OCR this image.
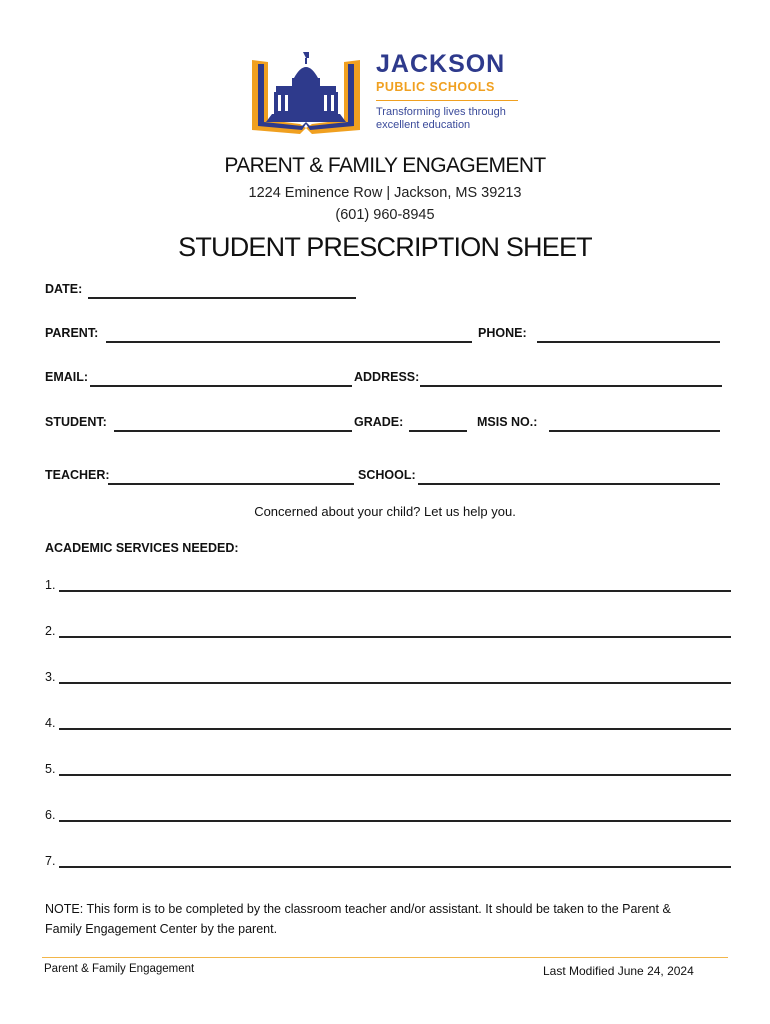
JACKSON
PUBLIC SCHOOLS
Transforming lives through
excellent education
PARENT & FAMILY ENGAGEMENT
1224 Eminence Row | Jackson, MS 39213
(601) 960-8945
STUDENT PRESCRIPTION SHEET
DATE:
PARENT:	PHONE:
EMAIL:	ADDRESS:
STUDENT:	GRADE:	MSIS NO.:
TEACHER:	SCHOOL:
Concerned about your child? Let us help you.
ACADEMIC SERVICES NEEDED:
1.
2.
3.
4.
5.
6.
7.
NOTE: This form is to be completed by the classroom teacher and/or assistant. It should be taken to the Parent & Family Engagement Center by the parent.
Parent & Family Engagement	Last Modified June 24, 2024
